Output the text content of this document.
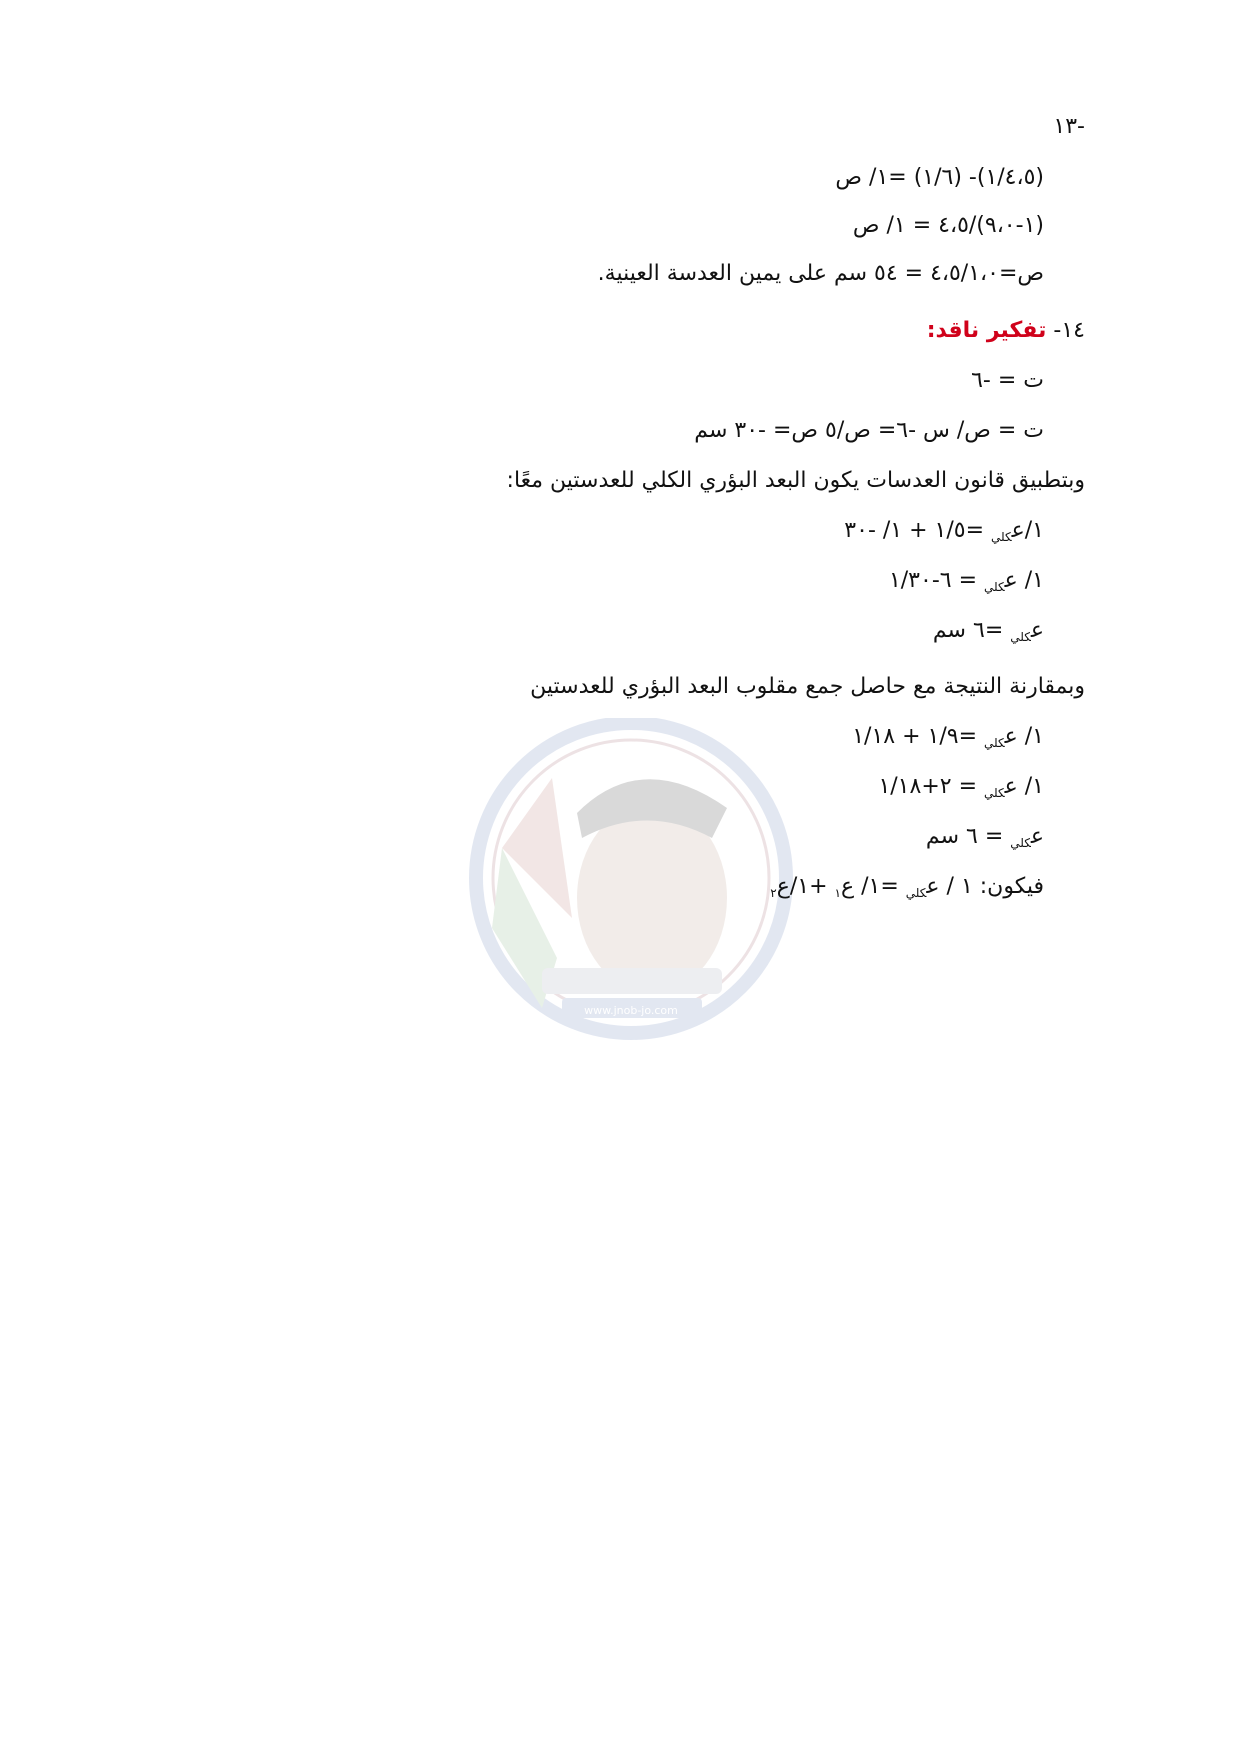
www.jnob-jo.com
١٣-
(١/٤،٥)- (١/٦) =١/ ص
(١-٩،٠)/٤،٥ = ١/ ص
ص=٤،٥/١،٠ = ٥٤ سم على يمين العدسة العينية.
١٤- تفكير ناقد:
ت = -٦
ت = ص/ س -٦= ص/٥ ص= -٣٠ سم
وبتطبيق قانون العدسات يكون البعد البؤري الكلي للعدستين معًا:
١/ع$_{كلي}$ =١/٥ + ١/ -٣٠
١/ ع$_{كلي}$ = ٦-١/٣٠
ع$_{كلي}$ =٦ سم
وبمقارنة النتيجة مع حاصل جمع مقلوب البعد البؤري للعدستين
١/ ع$_{كلي}$ =١/٩ + ١/١٨
١/ ع$_{كلي}$ = ٢+١/١٨
ع$_{كلي}$ = ٦ سم
فيكون: ١ / ع$_{كلي}$ =١/ ع$_١$ +١/ع$_٢$
